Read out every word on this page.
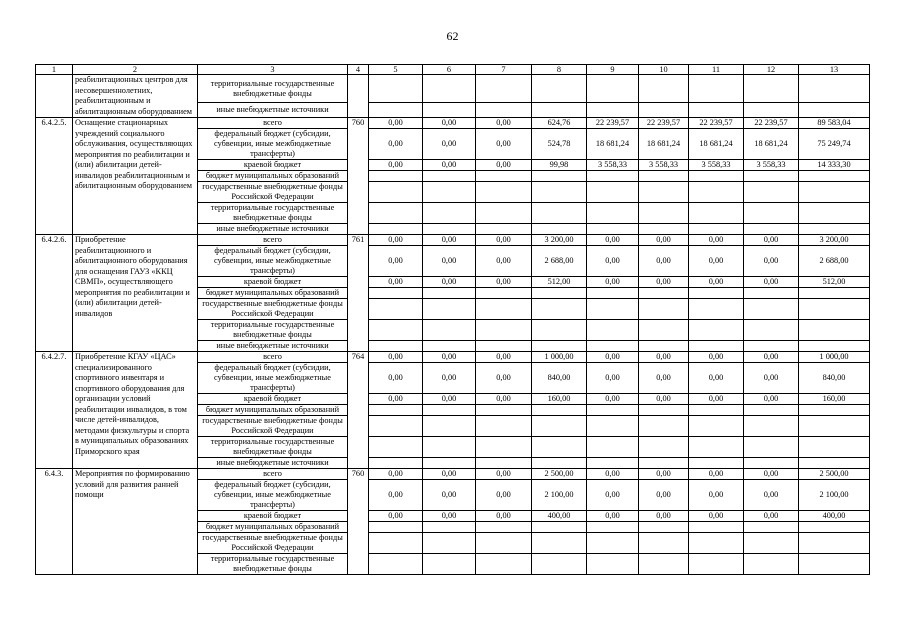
62
1	2	3	4	5	6	7	8	9	10	11	12	13
	реабилитационных центров для несовершеннолетних, реабилитационным и абилитационным оборудованием	территориальные государственные внебюджетные фонды										
		иные внебюджетные источники										
6.4.2.5.	Оснащение стационарных учреждений социального обслуживания, осуществляющих мероприятия по реабилитации и (или) абилитации детей-инвалидов реабилитационным и абилитационным оборудованием	всего	760	0,00	0,00	0,00	624,76	22 239,57	22 239,57	22 239,57	22 239,57	89 583,04
		федеральный бюджет (субсидии, субвенции, иные межбюджетные трансферты)		0,00	0,00	0,00	524,78	18 681,24	18 681,24	18 681,24	18 681,24	75 249,74
		краевой бюджет		0,00	0,00	0,00	99,98	3 558,33	3 558,33	3 558,33	3 558,33	14 333,30
		бюджет муниципальных образований										
		государственные внебюджетные фонды Российской Федерации										
		территориальные государственные внебюджетные фонды										
		иные внебюджетные источники										
6.4.2.6.	Приобретение реабилитационного и абилитационного оборудования для оснащения ГАУЗ «ККЦ СВМП», осуществляющего мероприятия по реабилитации и (или) абилитации детей-инвалидов	всего	761	0,00	0,00	0,00	3 200,00	0,00	0,00	0,00	0,00	3 200,00
		федеральный бюджет (субсидии, субвенции, иные межбюджетные трансферты)		0,00	0,00	0,00	2 688,00	0,00	0,00	0,00	0,00	2 688,00
		краевой бюджет		0,00	0,00	0,00	512,00	0,00	0,00	0,00	0,00	512,00
		бюджет муниципальных образований										
		государственные внебюджетные фонды Российской Федерации										
		территориальные государственные внебюджетные фонды										
		иные внебюджетные источники										
6.4.2.7.	Приобретение КГАУ «ЦАС» специализированного спортивного инвентаря и спортивного оборудования для организации условий реабилитации инвалидов, в том числе детей-инвалидов, методами физкультуры и спорта в муниципальных образованиях Приморского края	всего	764	0,00	0,00	0,00	1 000,00	0,00	0,00	0,00	0,00	1 000,00
		федеральный бюджет (субсидии, субвенции, иные межбюджетные трансферты)		0,00	0,00	0,00	840,00	0,00	0,00	0,00	0,00	840,00
		краевой бюджет		0,00	0,00	0,00	160,00	0,00	0,00	0,00	0,00	160,00
		бюджет муниципальных образований										
		государственные внебюджетные фонды Российской Федерации										
		территориальные государственные внебюджетные фонды										
		иные внебюджетные источники										
6.4.3.	Мероприятия по формированию условий для развития ранней помощи	всего	760	0,00	0,00	0,00	2 500,00	0,00	0,00	0,00	0,00	2 500,00
		федеральный бюджет (субсидии, субвенции, иные межбюджетные трансферты)		0,00	0,00	0,00	2 100,00	0,00	0,00	0,00	0,00	2 100,00
		краевой бюджет		0,00	0,00	0,00	400,00	0,00	0,00	0,00	0,00	400,00
		бюджет муниципальных образований										
		государственные внебюджетные фонды Российской Федерации										
		территориальные государственные внебюджетные фонды										
